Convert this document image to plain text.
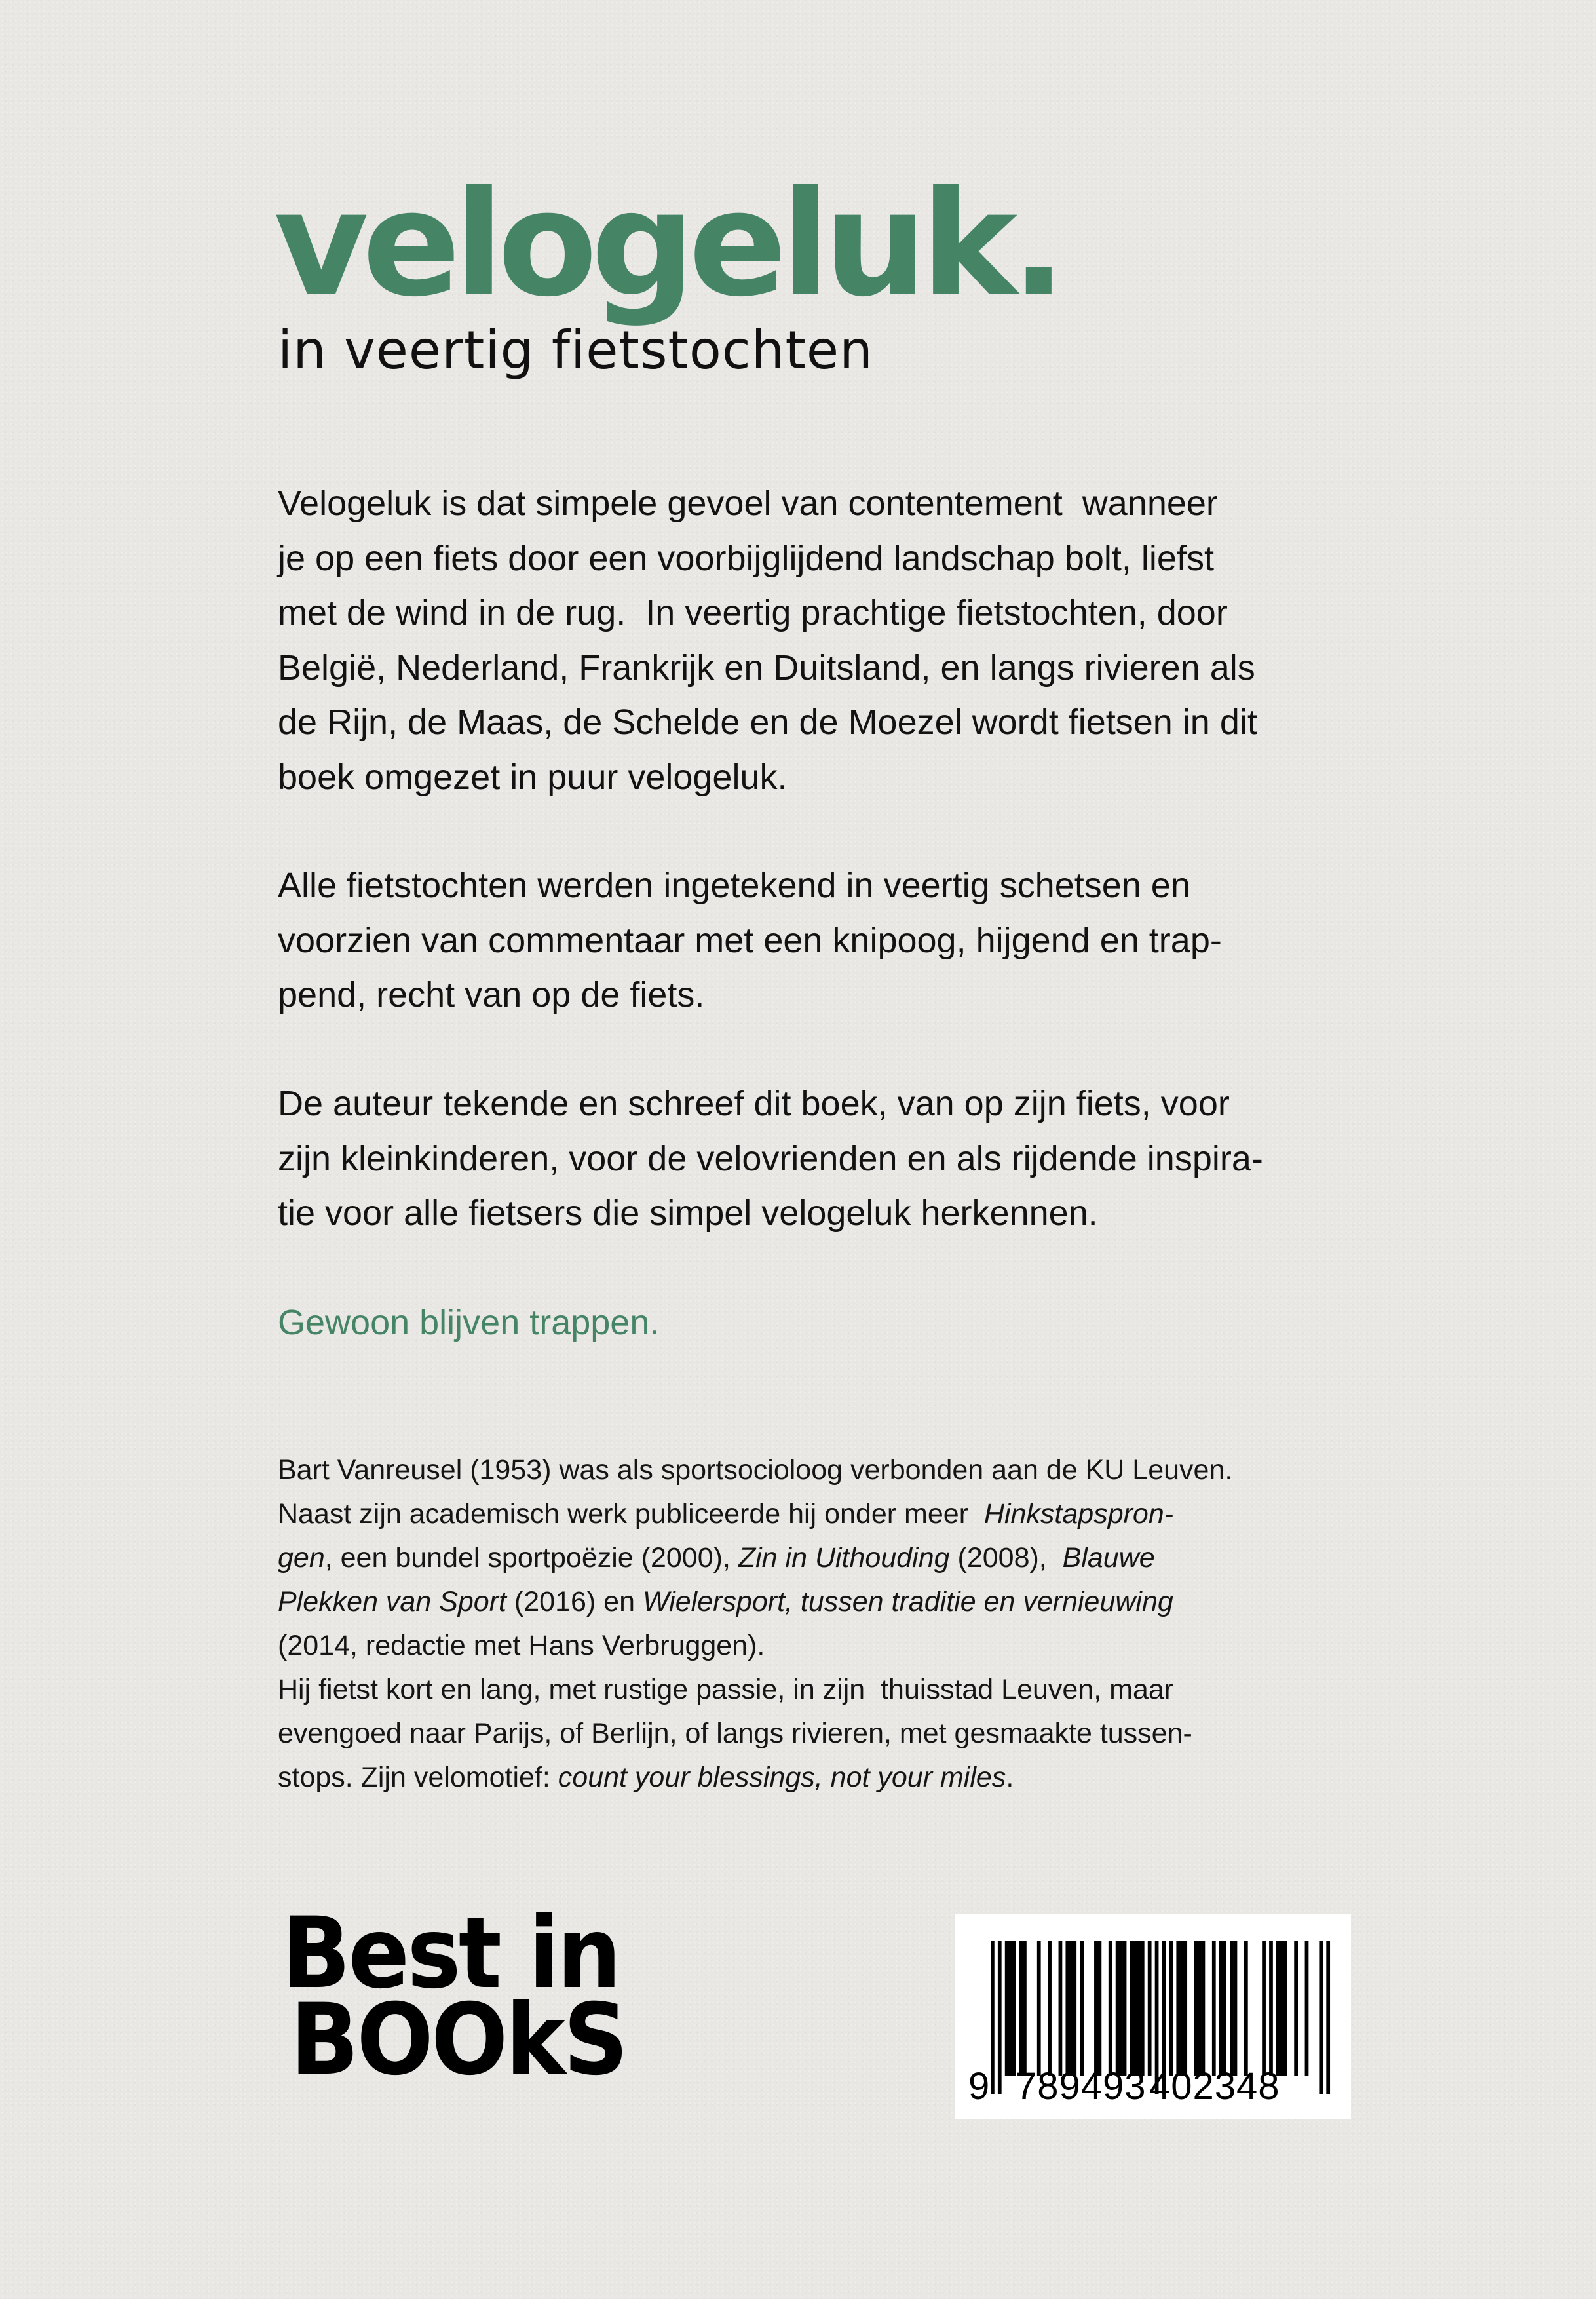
velogeluk.
in veertig fietstochten
Velogeluk is dat simpele gevoel van contentement  wanneer
je op een fiets door een voorbijglijdend landschap bolt, liefst
met de wind in de rug.  In veertig prachtige fietstochten, door
België, Nederland, Frankrijk en Duitsland, en langs rivieren als
de Rijn, de Maas, de Schelde en de Moezel wordt fietsen in dit
boek omgezet in puur velogeluk.
Alle fietstochten werden ingetekend in veertig schetsen en
voorzien van commentaar met een knipoog, hijgend en trap-
pend, recht van op de fiets.
De auteur tekende en schreef dit boek, van op zijn fiets, voor
zijn kleinkinderen, voor de velovrienden en als rijdende inspira-
tie voor alle fietsers die simpel velogeluk herkennen.
Gewoon blijven trappen.
Bart Vanreusel (1953) was als sportsocioloog verbonden aan de KU Leuven.
Naast zijn academisch werk publiceerde hij onder meer  Hinkstapspron-
gen, een bundel sportpoëzie (2000), Zin in Uithouding (2008),  Blauwe
Plekken van Sport (2016) en Wielersport, tussen traditie en vernieuwing
(2014, redactie met Hans Verbruggen).
Hij fietst kort en lang, met rustige passie, in zijn  thuisstad Leuven, maar
evengoed naar Parijs, of Berlijn, of langs rivieren, met gesmaakte tussen-
stops. Zijn velomotief: count your blessings, not your miles.
Best in
BOOkS	9 789493 402348
